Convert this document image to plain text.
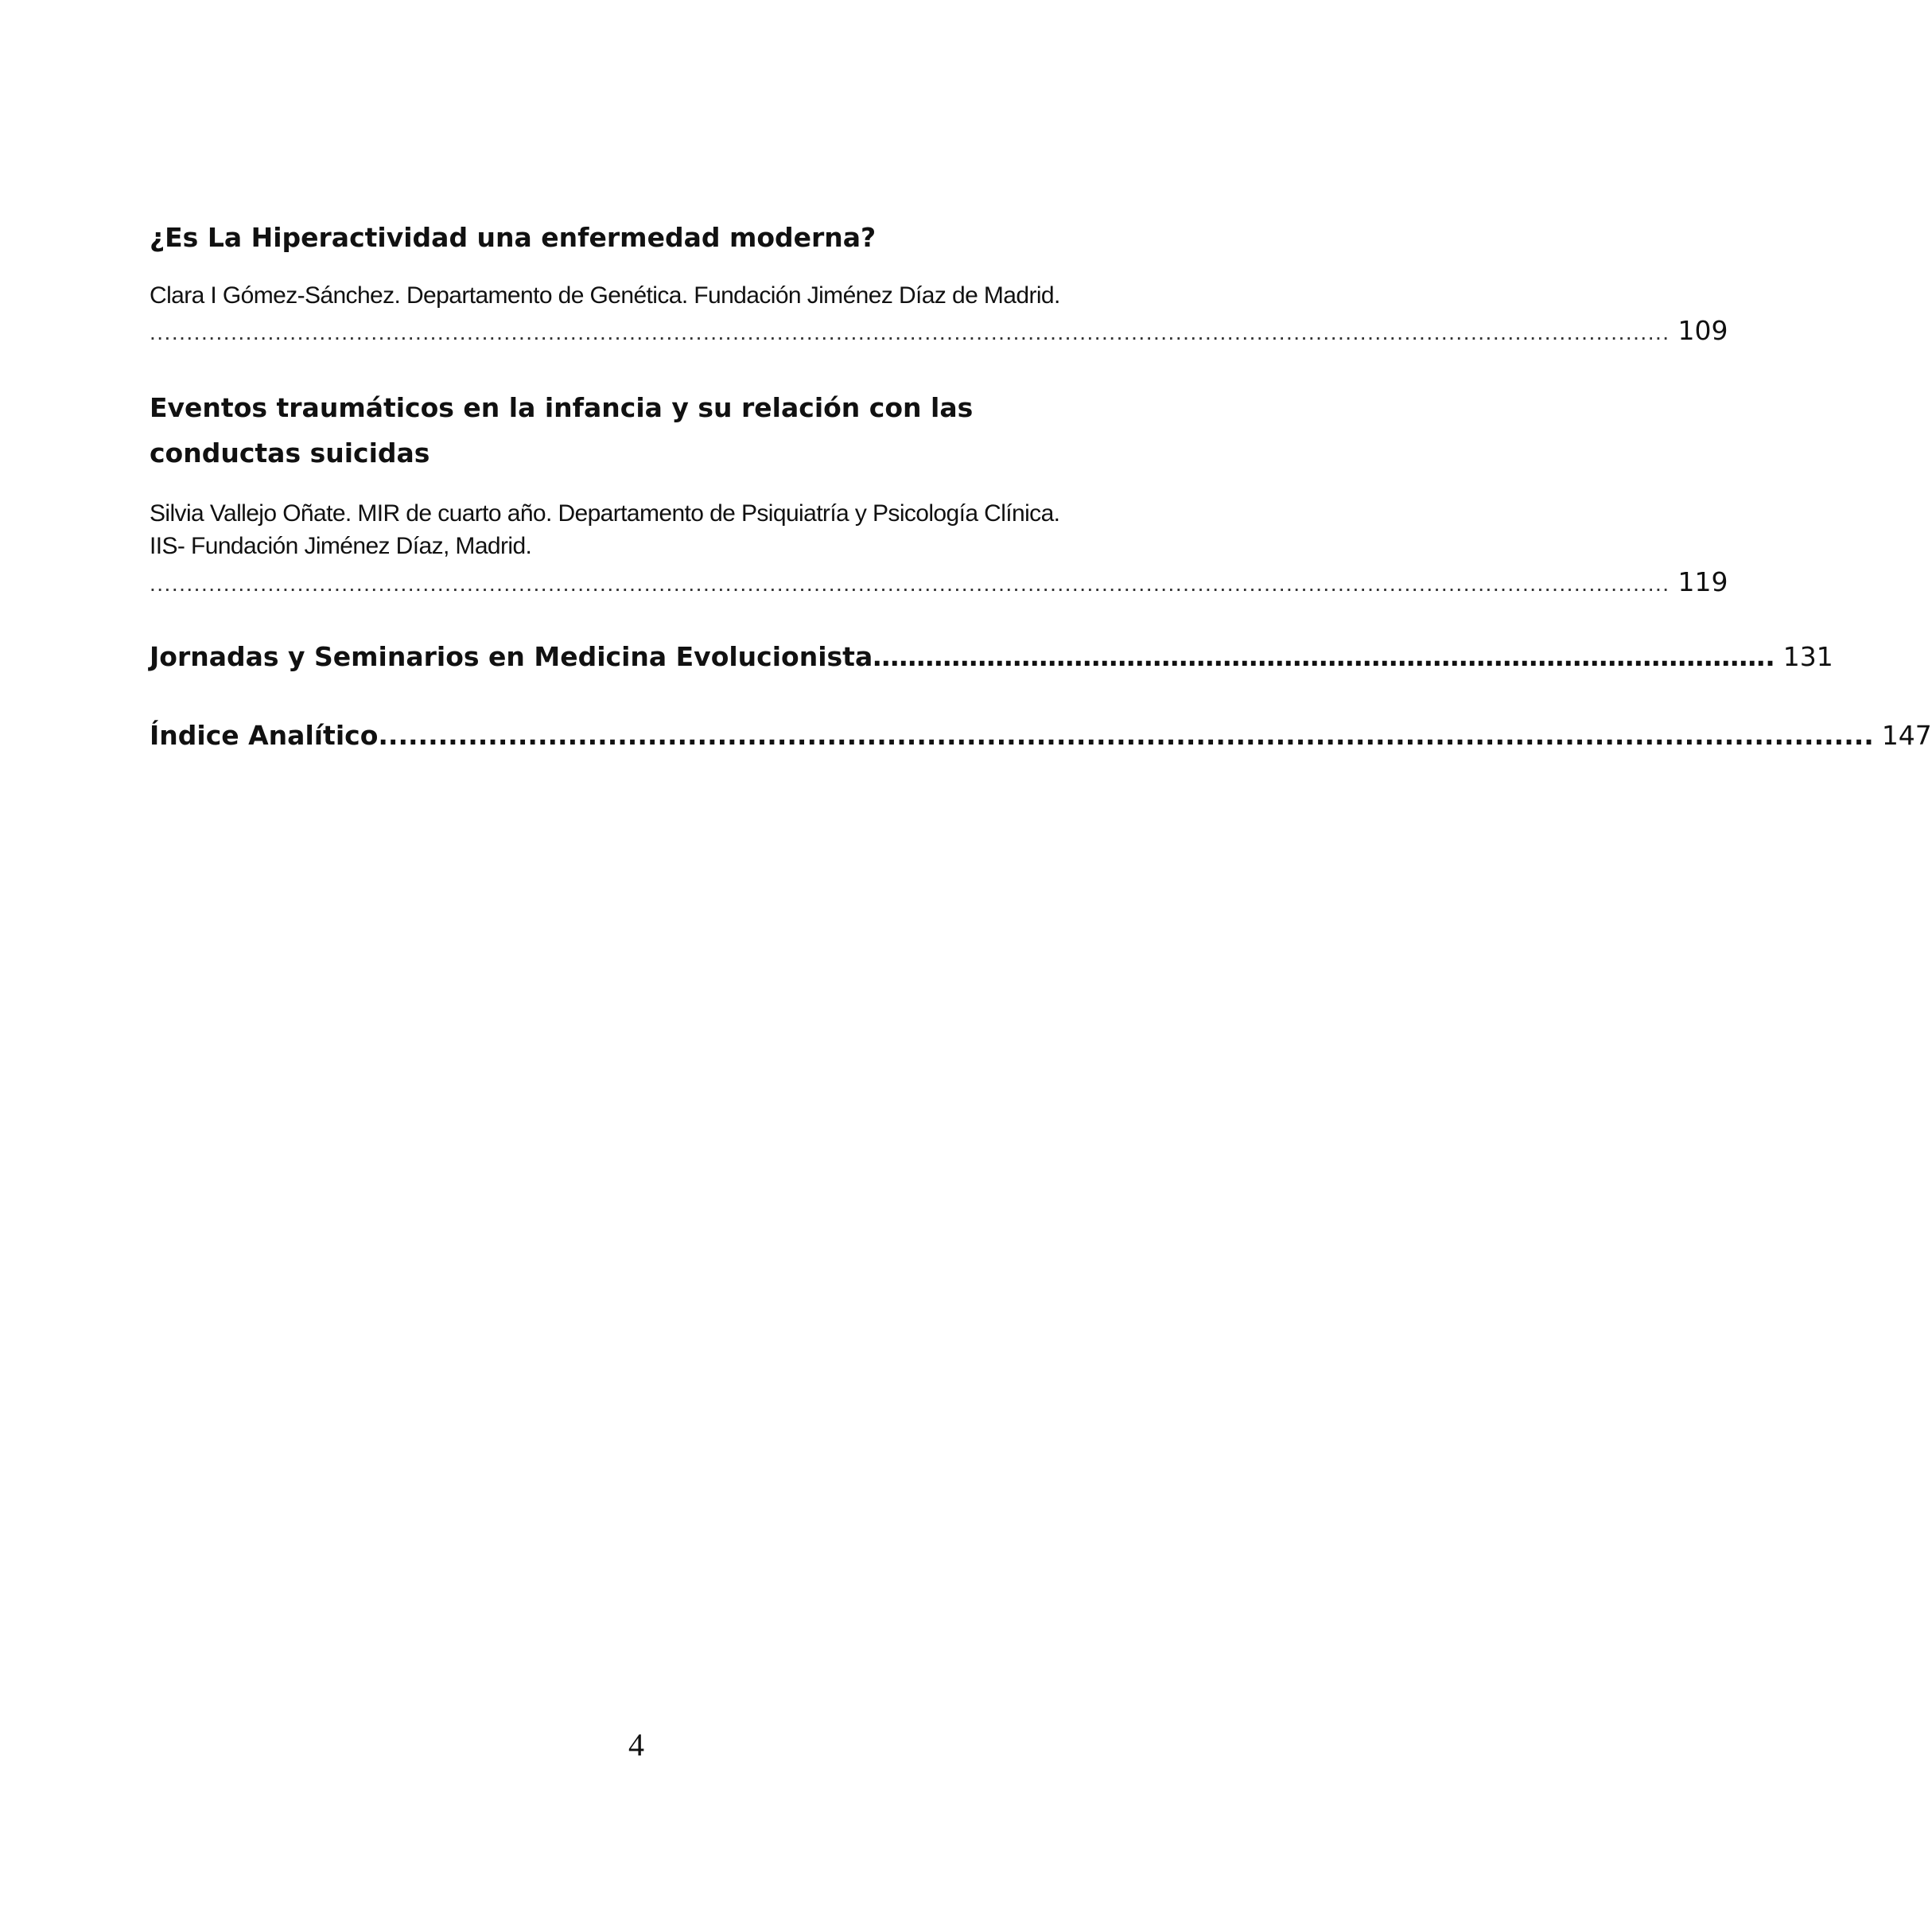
¿Es La Hiperactividad una enfermedad moderna?
Clara I Gómez-Sánchez. Departamento de Genética. Fundación Jiménez Díaz de Madrid.
.............................................................................................................................................................................................................. 109
Eventos traumáticos en la infancia y su relación con las conductas suicidas
Silvia Vallejo Oñate. MIR de cuarto año. Departamento de Psiquiatría y Psicología Clínica.
IIS- Fundación Jiménez Díaz, Madrid.
.............................................................................................................................................................................................................. 119
Jornadas y Seminarios en Medicina Evolucionista …………………………………………………………………………………………. 131
Índice Analítico ...................................................................................................................................................... 147
4
